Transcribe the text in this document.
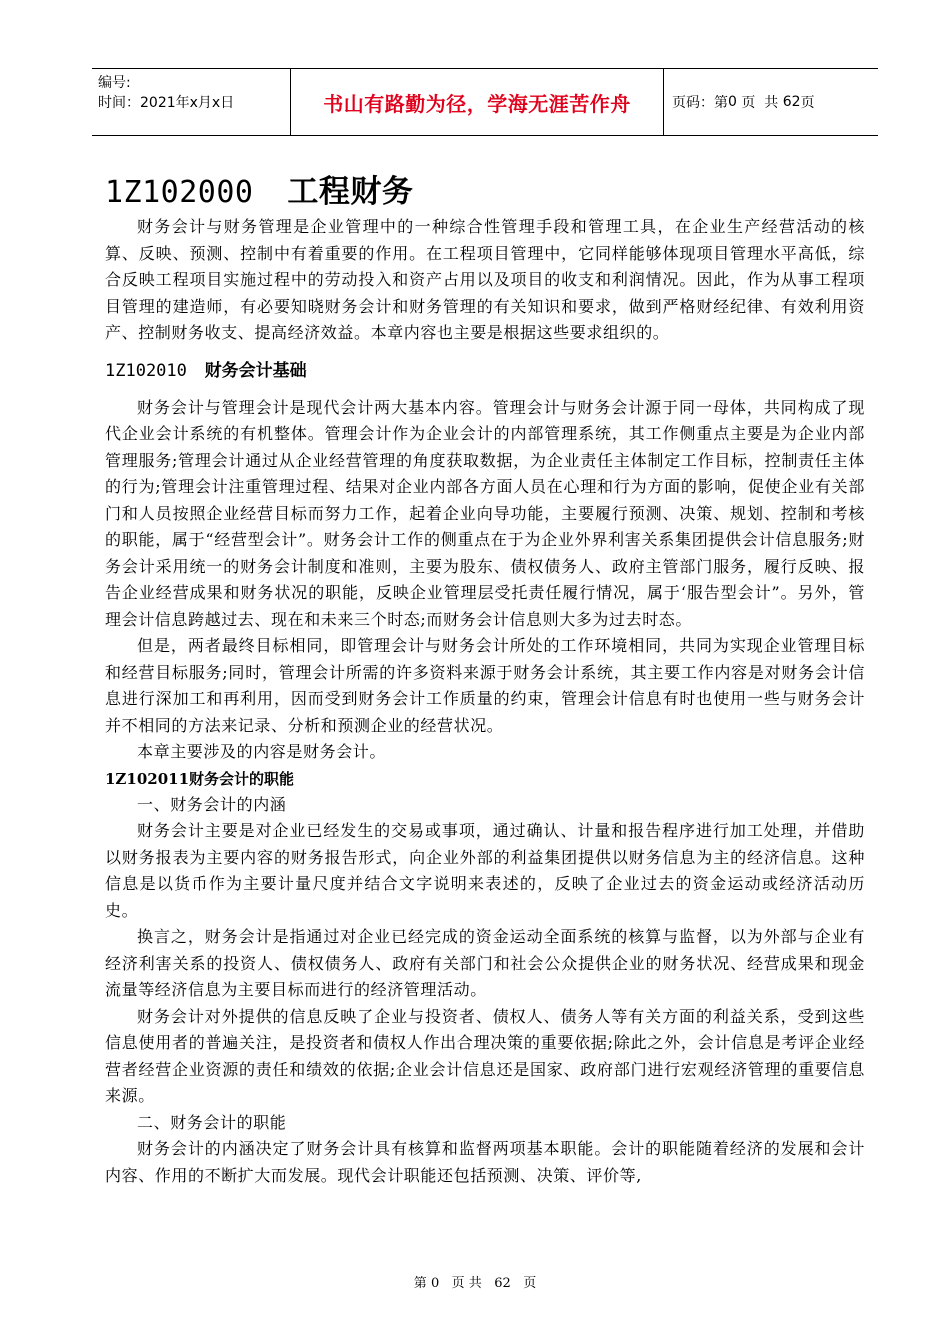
编号:
时间：2021年x月x日	书山有路勤为径，学海无涯苦作舟	页码：第 0
页  共
62 页
1Z102000 工程财务

财务会计与财务管理是企业管理中的一种综合性管理手段和管理工具，在企业生产经营活动的核算、反映、预测、控制中有着重要的作用。在工程项目管理中，它同样能够体现项目管理水平高低，综合反映工程项目实施过程中的劳动投入和资产占用以及项目的收支和利润情况。因此，作为从事工程项目管理的建造师，有必要知晓财务会计和财务管理的有关知识和要求，做到严格财经纪律、有效利用资产、控制财务收支、提高经济效益。本章内容也主要是根据这些要求组织的。

1Z102010 财务会计基础

财务会计与管理会计是现代会计两大基本内容。管理会计与财务会计源于同一母体，共同构成了现代企业会计系统的有机整体。管理会计作为企业会计的内部管理系统，其工作侧重点主要是为企业内部管理服务;管理会计通过从企业经营管理的角度获取数据，为企业责任主体制定工作目标，控制责任主体的行为;管理会计注重管理过程、结果对企业内部各方面人员在心理和行为方面的影响，促使企业有关部门和人员按照企业经营目标而努力工作，起着企业向导功能，主要履行预测、决策、规划、控制和考核的职能，属于“经营型会计”。财务会计工作的侧重点在于为企业外界利害关系集团提供会计信息服务;财务会计采用统一的财务会计制度和准则，主要为股东、债权债务人、政府主管部门服务，履行反映、报告企业经营成果和财务状况的职能，反映企业管理层受托责任履行情况，属于‘服告型会计”。另外，管理会计信息跨越过去、现在和未来三个时态;而财务会计信息则大多为过去时态。

但是，两者最终目标相同，即管理会计与财务会计所处的工作环境相同，共同为实现企业管理目标和经营目标服务;同时，管理会计所需的许多资料来源于财务会计系统，其主要工作内容是对财务会计信息进行深加工和再利用，因而受到财务会计工作质量的约束，管理会计信息有时也使用一些与财务会计并不相同的方法来记录、分析和预测企业的经营状况。

本章主要涉及的内容是财务会计。

1Z102011财务会计的职能

一、财务会计的内涵

财务会计主要是对企业已经发生的交易或事项，通过确认、计量和报告程序进行加工处理，并借助以财务报表为主要内容的财务报告形式，向企业外部的利益集团提供以财务信息为主的经济信息。这种信息是以货币作为主要计量尺度并结合文字说明来表述的，反映了企业过去的资金运动或经济活动历史。

换言之，财务会计是指通过对企业已经完成的资金运动全面系统的核算与监督，以为外部与企业有经济利害关系的投资人、债权债务人、政府有关部门和社会公众提供企业的财务状况、经营成果和现金流量等经济信息为主要目标而进行的经济管理活动。

财务会计对外提供的信息反映了企业与投资者、债权人、债务人等有关方面的利益关系，受到这些信息使用者的普遍关注，是投资者和债权人作出合理决策的重要依据;除此之外，会计信息是考评企业经营者经营企业资源的责任和绩效的依据;企业会计信息还是国家、政府部门进行宏观经济管理的重要信息来源。

二、财务会计的职能

财务会计的内涵决定了财务会计具有核算和监督两项基本职能。会计的职能随着经济的发展和会计内容、作用的不断扩大而发展。现代会计职能还包括预测、决策、评价等,

第 0 页 共 62 页
